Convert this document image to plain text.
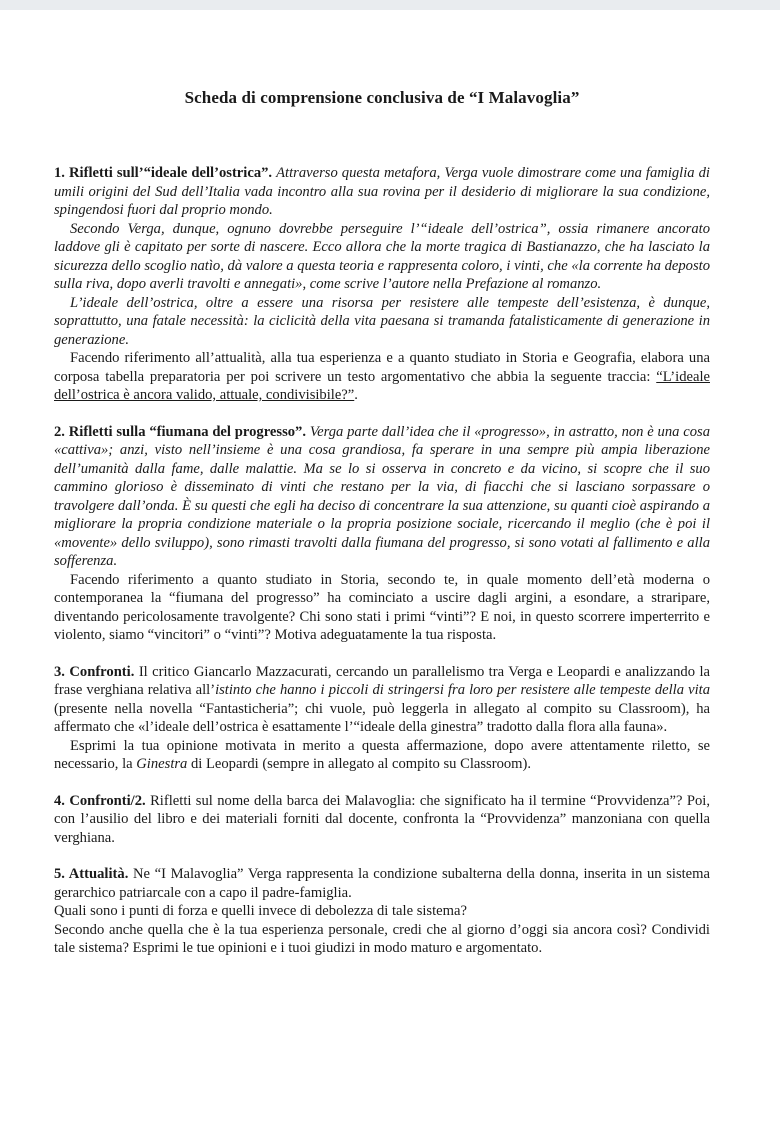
Scheda di comprensione conclusiva de “I Malavoglia”

1. Rifletti sull’“ideale dell’ostrica”. Attraverso questa metafora, Verga vuole dimostrare come una famiglia di umili origini del Sud dell’Italia vada incontro alla sua rovina per il desiderio di migliorare la sua condizione, spingendosi fuori dal proprio mondo.

Secondo Verga, dunque, ognuno dovrebbe perseguire l’“ideale dell’ostrica”, ossia rimanere ancorato laddove gli è capitato per sorte di nascere. Ecco allora che la morte tragica di Bastianazzo, che ha lasciato la sicurezza dello scoglio natìo, dà valore a questa teoria e rappresenta coloro, i vinti, che «la corrente ha deposto sulla riva, dopo averli travolti e annegati», come scrive l’autore nella Prefazione al romanzo.

L’ideale dell’ostrica, oltre a essere una risorsa per resistere alle tempeste dell’esistenza, è dunque, soprattutto, una fatale necessità: la ciclicità della vita paesana si tramanda fatalisticamente di generazione in generazione.

Facendo riferimento all’attualità, alla tua esperienza e a quanto studiato in Storia e Geografia, elabora una corposa tabella preparatoria per poi scrivere un testo argomentativo che abbia la seguente traccia: “L’ideale dell’ostrica è ancora valido, attuale, condivisibile?”.

2. Rifletti sulla “fiumana del progresso”. Verga parte dall’idea che il «progresso», in astratto, non è una cosa «cattiva»; anzi, visto nell’insieme è una cosa grandiosa, fa sperare in una sempre più ampia liberazione dell’umanità dalla fame, dalle malattie. Ma se lo si osserva in concreto e da vicino, si scopre che il suo cammino glorioso è disseminato di vinti che restano per la via, di fiacchi che si lasciano sorpassare o travolgere dall’onda. È su questi che egli ha deciso di concentrare la sua attenzione, su quanti cioè aspirando a migliorare la propria condizione materiale o la propria posizione sociale, ricercando il meglio (che è poi il «movente» dello sviluppo), sono rimasti travolti dalla fiumana del progresso, si sono votati al fallimento e alla sofferenza.

Facendo riferimento a quanto studiato in Storia, secondo te, in quale momento dell’età moderna o contemporanea la “fiumana del progresso” ha cominciato a uscire dagli argini, a esondare, a straripare, diventando pericolosamente travolgente? Chi sono stati i primi “vinti”? E noi, in questo scorrere imperterrito e violento, siamo “vincitori” o “vinti”? Motiva adeguatamente la tua risposta.

3. Confronti. Il critico Giancarlo Mazzacurati, cercando un parallelismo tra Verga e Leopardi e analizzando la frase verghiana relativa all’istinto che hanno i piccoli di stringersi fra loro per resistere alle tempeste della vita (presente nella novella “Fantasticheria”; chi vuole, può leggerla in allegato al compito su Classroom), ha affermato che «l’ideale dell’ostrica è esattamente l’“ideale della ginestra” tradotto dalla flora alla fauna».

Esprimi la tua opinione motivata in merito a questa affermazione, dopo avere attentamente riletto, se necessario, la Ginestra di Leopardi (sempre in allegato al compito su Classroom).

4. Confronti/2. Rifletti sul nome della barca dei Malavoglia: che significato ha il termine “Provvidenza”? Poi, con l’ausilio del libro e dei materiali forniti dal docente, confronta la “Provvidenza” manzoniana con quella verghiana.

5. Attualità. Ne “I Malavoglia” Verga rappresenta la condizione subalterna della donna, inserita in un sistema gerarchico patriarcale con a capo il padre-famiglia.

Quali sono i punti di forza e quelli invece di debolezza di tale sistema?

Secondo anche quella che è la tua esperienza personale, credi che al giorno d’oggi sia ancora così? Condividi tale sistema? Esprimi le tue opinioni e i tuoi giudizi in modo maturo e argomentato.
